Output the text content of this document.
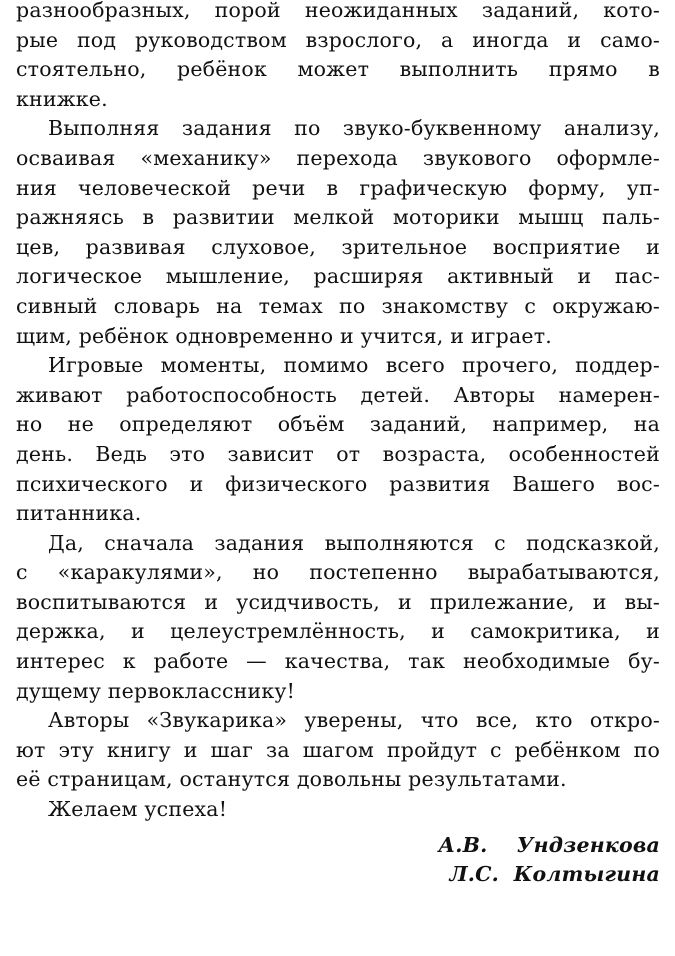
разнообразных, порой неожиданных заданий, кото-
рые под руководством взрослого, а иногда и само-
стоятельно, ребёнок может выполнить прямо в
книжке.
Выполняя задания по звуко-буквенному анализу,
осваивая «механику» перехода звукового оформле-
ния человеческой речи в графическую форму, уп-
ражняясь в развитии мелкой моторики мышц паль-
цев, развивая слуховое, зрительное восприятие и
логическое мышление, расширяя активный и пас-
сивный словарь на темах по знакомству с окружаю-
щим, ребёнок одновременно и учится, и играет.
Игровые моменты, помимо всего прочего, поддер-
живают работоспособность детей. Авторы намерен-
но не определяют объём заданий, например, на
день. Ведь это зависит от возраста, особенностей
психического и физического развития Вашего вос-
питанника.
Да, сначала задания выполняются с подсказкой,
с «каракулями», но постепенно вырабатываются,
воспитываются и усидчивость, и прилежание, и вы-
держка, и целеустремлённость, и самокритика, и
интерес к работе — качества, так необходимые бу-
дущему первокласснику!
Авторы «Звукарика» уверены, что все, кто откро-
ют эту книгу и шаг за шагом пройдут с ребёнком по
её страницам, останутся довольны результатами.
Желаем успеха!
А.В.    Ундзенкова
Л.С.  Колтыгина
